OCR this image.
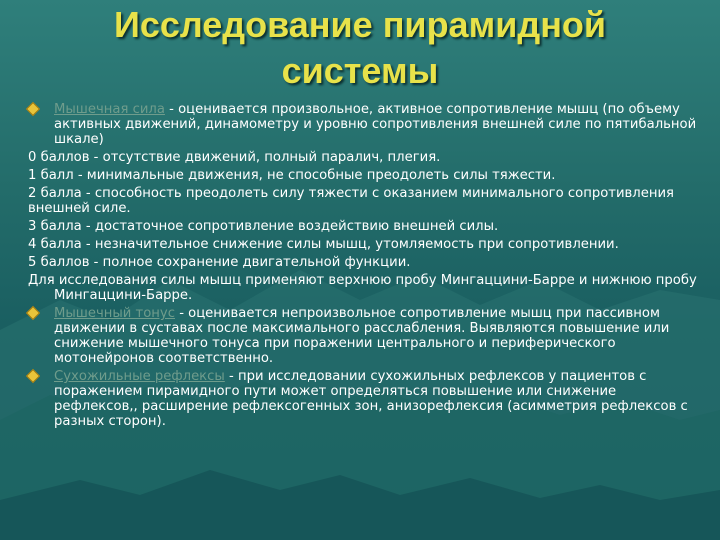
Исследование пирамидной
системы

Мышечная сила - оценивается произвольное, активное сопротивление мышц (по объему активных движений, динамометру и уровню сопротивления внешней силе по пятибальной шкале)

0 баллов - отсутствие движений, полный паралич, плегия.

1 балл - минимальные движения, не способные преодолеть силы тяжести.

2 балла - способность преодолеть силу тяжести с оказанием минимального сопротивления внешней силе.

3 балла - достаточное сопротивление воздействию внешней силы.

4 балла - незначительное снижение силы мышц, утомляемость при сопротивлении.

5 баллов - полное сохранение двигательной функции.

Для исследования силы мышц применяют верхнюю пробу Мингаццини-Барре и нижнюю пробу Мингаццини-Барре.

Мышечный тонус - оценивается непроизвольное сопротивление мышц при пассивном движении в суставах после максимального расслабления. Выявляются повышение или снижение мышечного тонуса при поражении центрального и периферического мотонейронов соответственно.

Сухожильные рефлексы - при исследовании сухожильных рефлексов у пациентов с поражением пирамидного пути может определяться повышение или снижение рефлексов,, расширение рефлексогенных зон, анизорефлексия (асимметрия рефлексов с разных сторон).
